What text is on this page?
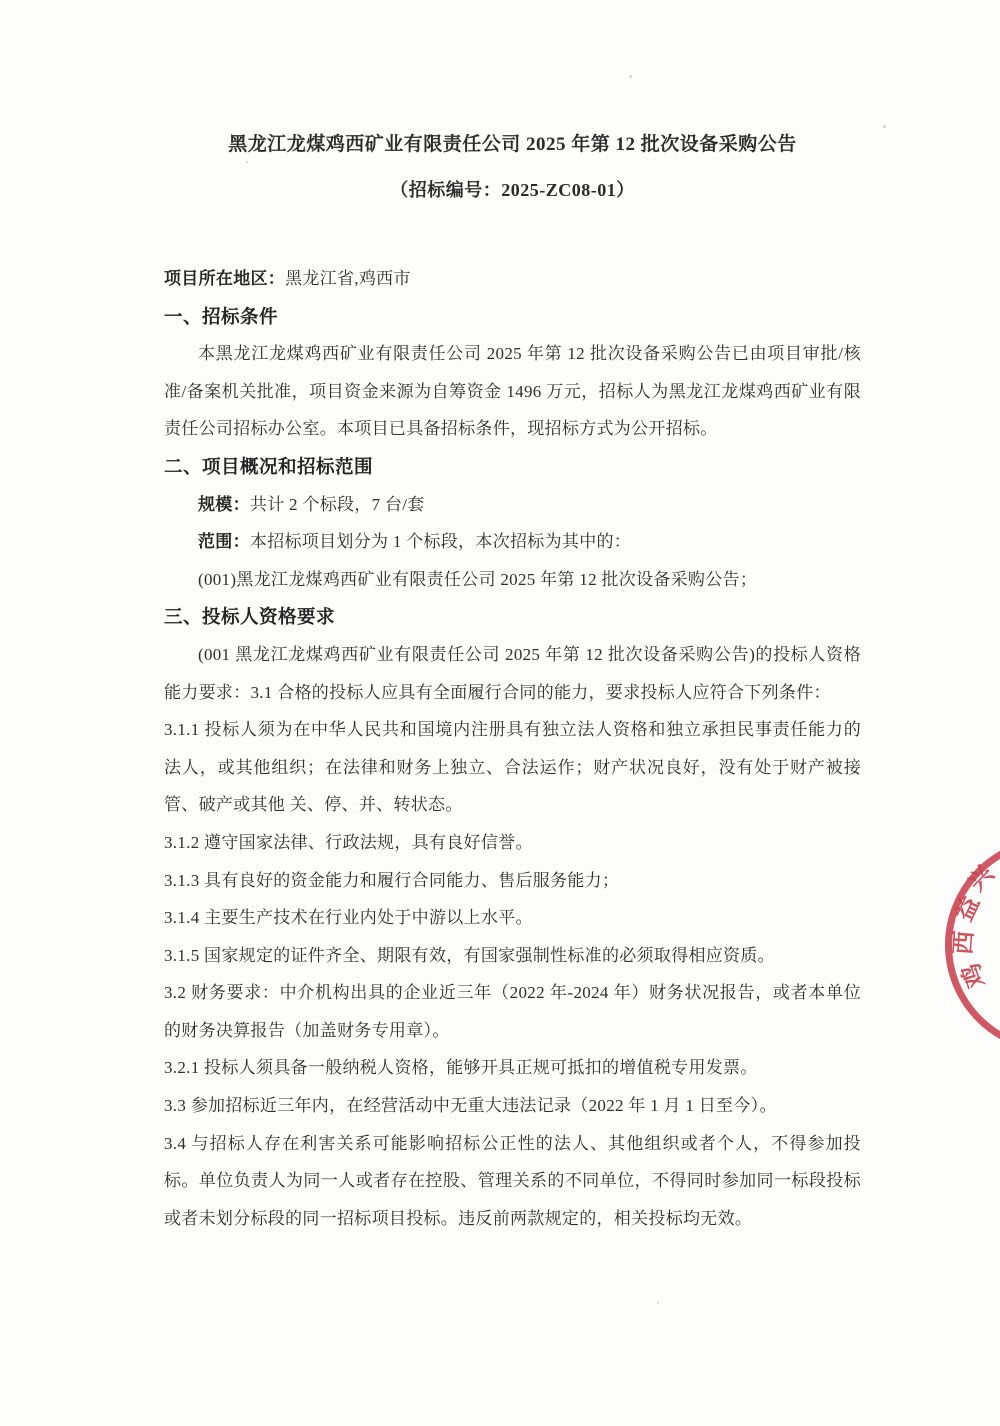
黑龙江龙煤鸡西矿业有限责任公司 2025 年第 12 批次设备采购公告

（招标编号：2025-ZC08-01）

项目所在地区：黑龙江省,鸡西市

一、招标条件

本黑龙江龙煤鸡西矿业有限责任公司 2025 年第 12 批次设备采购公告已由项目审批/核准/备案机关批准，项目资金来源为自筹资金 1496 万元，招标人为黑龙江龙煤鸡西矿业有限责任公司招标办公室。本项目已具备招标条件，现招标方式为公开招标。

二、项目概况和招标范围

规模：共计 2 个标段，7 台/套

范围：本招标项目划分为 1 个标段，本次招标为其中的：

(001)黑龙江龙煤鸡西矿业有限责任公司 2025 年第 12 批次设备采购公告；

三、投标人资格要求

(001 黑龙江龙煤鸡西矿业有限责任公司 2025 年第 12 批次设备采购公告)的投标人资格能力要求：3.1 合格的投标人应具有全面履行合同的能力，要求投标人应符合下列条件：

3.1.1 投标人须为在中华人民共和国境内注册具有独立法人资格和独立承担民事责任能力的法人，或其他组织；在法律和财务上独立、合法运作；财产状况良好，没有处于财产被接管、破产或其他 关、停、并、转状态。

3.1.2 遵守国家法律、行政法规，具有良好信誉。

3.1.3 具有良好的资金能力和履行合同能力、售后服务能力；

3.1.4 主要生产技术在行业内处于中游以上水平。

3.1.5 国家规定的证件齐全、期限有效，有国家强制性标准的必须取得相应资质。

3.2 财务要求：中介机构出具的企业近三年（2022 年-2024 年）财务状况报告，或者本单位的财务决算报告（加盖财务专用章）。

3.2.1 投标人须具备一般纳税人资格，能够开具正规可抵扣的增值税专用发票。

3.3 参加招标近三年内，在经营活动中无重大违法记录（2022 年 1 月 1 日至今）。

3.4 与招标人存在利害关系可能影响招标公正性的法人、其他组织或者个人，不得参加投标。单位负责人为同一人或者存在控股、管理关系的不同单位，不得同时参加同一标段投标或者未划分标段的同一招标项目投标。违反前两款规定的，相关投标均无效。

鸡
西
益
兴
